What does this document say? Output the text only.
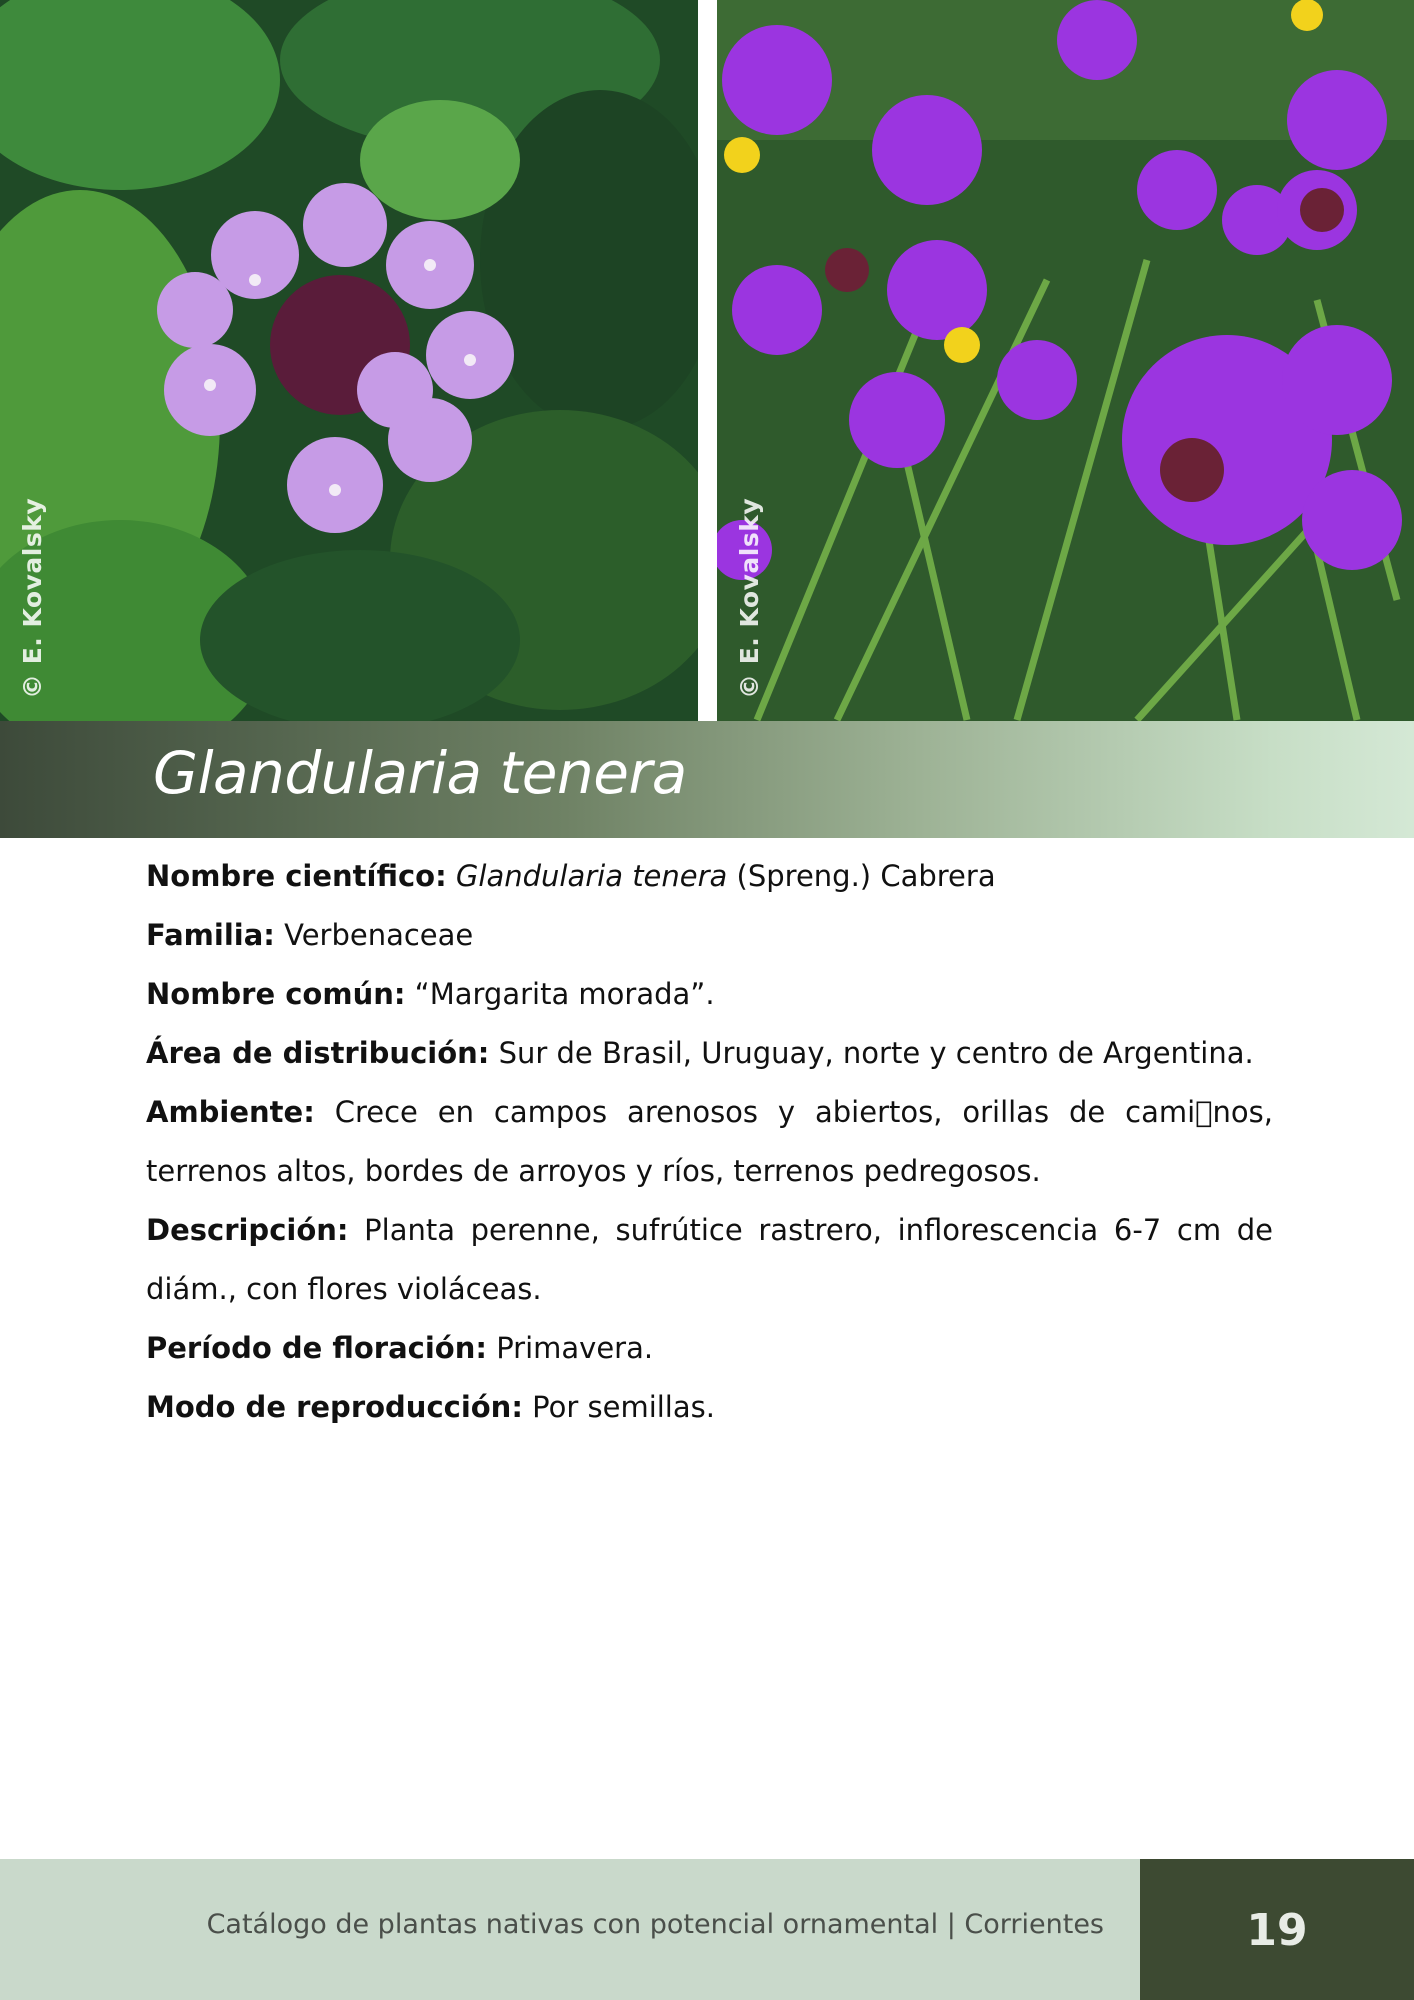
© E. Kovalsky	© E. Kovalsky
Glandularia tenera

Nombre científico: Glandularia tenera (Spreng.) Cabrera

Familia: Verbenaceae

Nombre común: “Margarita morada”.

Área de distribución: Sur de Brasil, Uruguay, norte y centro de Argentina.

Ambiente: Crece en campos arenosos y abiertos, orillas de cami nos, terrenos altos, bordes de arroyos y ríos, terrenos pedregosos.

Descripción: Planta perenne, sufrútice rastrero, inflorescencia 6-7 cm de diám., con flores violáceas.

Período de floración: Primavera.

Modo de reproducción: Por semillas.

Catálogo de plantas nativas con potencial ornamental | Corrientes	19
